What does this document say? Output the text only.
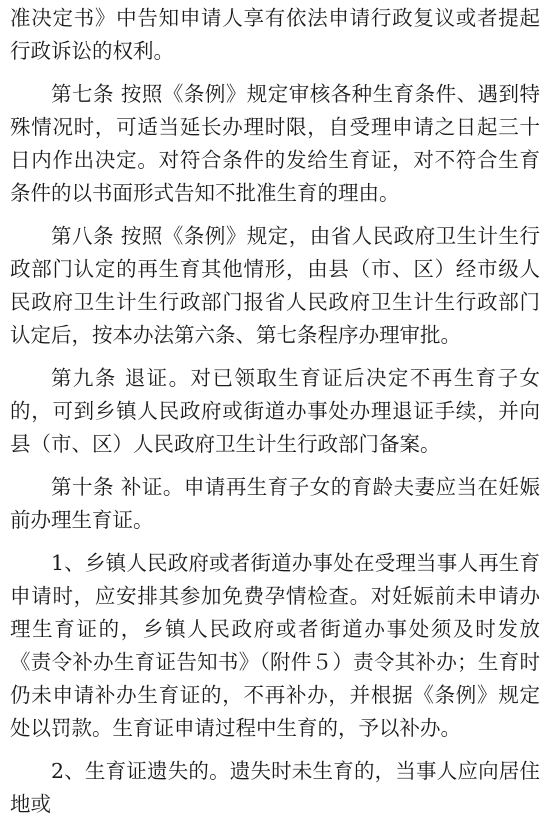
准决定书》中告知申请人享有依法申请行政复议或者提起行政诉讼的权利。

第七条 按照《条例》规定审核各种生育条件、遇到特殊情况时，可适当延长办理时限，自受理申请之日起三十日内作出决定。对符合条件的发给生育证，对不符合生育条件的以书面形式告知不批准生育的理由。

第八条 按照《条例》规定，由省人民政府卫生计生行政部门认定的再生育其他情形，由县（市、区）经市级人民政府卫生计生行政部门报省人民政府卫生计生行政部门认定后，按本办法第六条、第七条程序办理审批。

第九条 退证。对已领取生育证后决定不再生育子女的，可到乡镇人民政府或街道办事处办理退证手续，并向县（市、区）人民政府卫生计生行政部门备案。

第十条 补证。申请再生育子女的育龄夫妻应当在妊娠前办理生育证。

1、乡镇人民政府或者街道办事处在受理当事人再生育申请时，应安排其参加免费孕情检查。对妊娠前未申请办理生育证的，乡镇人民政府或者街道办事处须及时发放《责令补办生育证告知书》（附件５）责令其补办；生育时仍未申请补办生育证的，不再补办，并根据《条例》规定处以罚款。生育证申请过程中生育的，予以补办。

2、生育证遗失的。遗失时未生育的，当事人应向居住地或
